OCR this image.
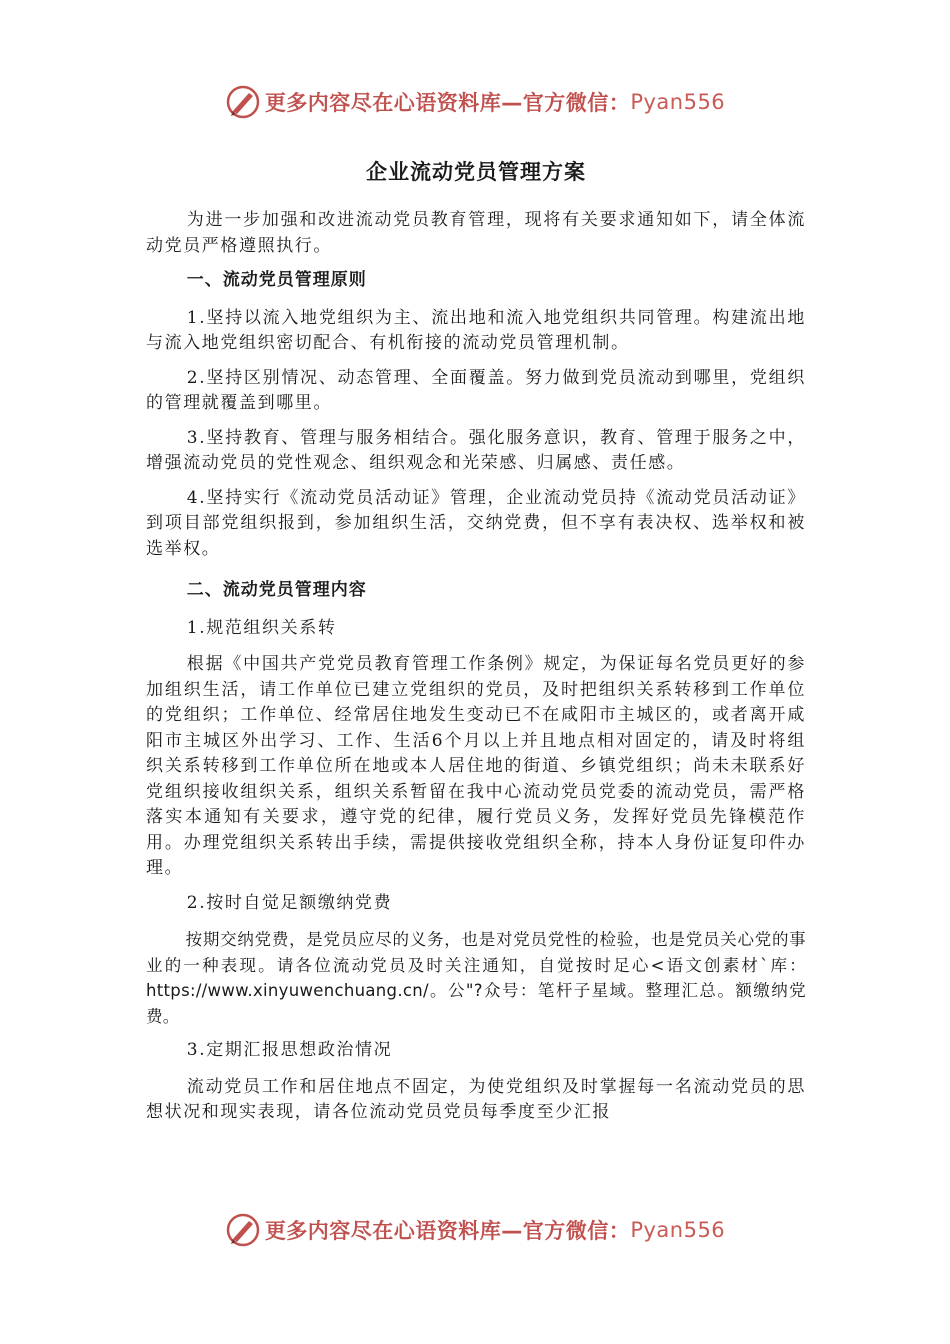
更多内容尽在心语资料库—官方微信： Pyan556
企业流动党员管理方案

为进一步加强和改进流动党员教育管理，现将有关要求通知如下，请全体流动党员严格遵照执行。

一、流动党员管理原则

1.坚持以流入地党组织为主、流出地和流入地党组织共同管理。构建流出地与流入地党组织密切配合、有机衔接的流动党员管理机制。

2.坚持区别情况、动态管理、全面覆盖。努力做到党员流动到哪里，党组织的管理就覆盖到哪里。

3.坚持教育、管理与服务相结合。强化服务意识，教育、管理于服务之中，增强流动党员的党性观念、组织观念和光荣感、归属感、责任感。

4.坚持实行《流动党员活动证》管理，企业流动党员持《流动党员活动证》到项目部党组织报到，参加组织生活，交纳党费，但不享有表决权、选举权和被选举权。

二、流动党员管理内容

1.规范组织关系转

根据《中国共产党党员教育管理工作条例》规定，为保证每名党员更好的参加组织生活，请工作单位已建立党组织的党员，及时把组织关系转移到工作单位的党组织；工作单位、经常居住地发生变动已不在咸阳市主城区的，或者离开咸阳市主城区外出学习、工作、生活6个月以上并且地点相对固定的，请及时将组织关系转移到工作单位所在地或本人居住地的街道、乡镇党组织；尚未未联系好党组织接收组织关系，组织关系暂留在我中心流动党员党委的流动党员，需严格落实本通知有关要求，遵守党的纪律，履行党员义务，发挥好党员先锋模范作用。办理党组织关系转出手续，需提供接收党组织全称，持本人身份证复印件办理。

2.按时自觉足额缴纳党费

按期交纳党费，是党员应尽的义务，也是对党员党性的检验，也是党员关心党的事业的一种表现。请各位流动党员及时关注通知，自觉按时足心<语文创素材`库：https://www.xinyuwenchuang.cn/。公"?众号：笔杆子星域。整理汇总。额缴纳党费。

3.定期汇报思想政治情况

流动党员工作和居住地点不固定，为使党组织及时掌握每一名流动党员的思想状况和现实表现，请各位流动党员党员每季度至少汇报

更多内容尽在心语资料库—官方微信： Pyan556
